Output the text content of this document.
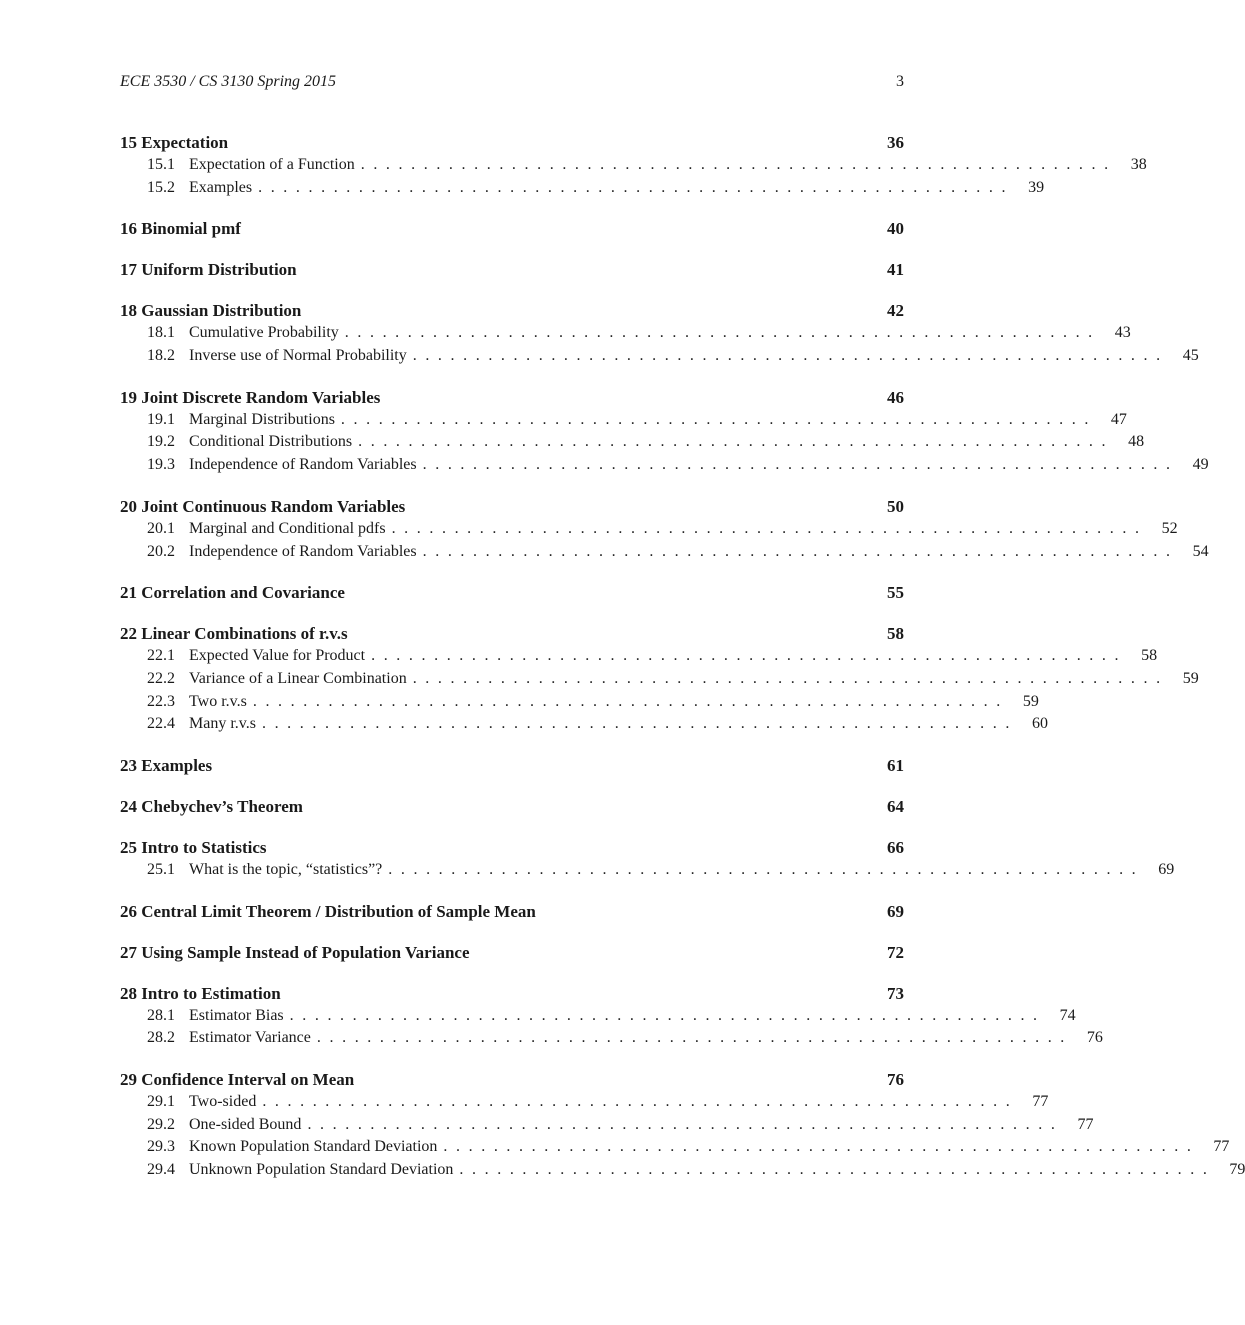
ECE 3530 / CS 3130 Spring 2015	3
15 Expectation	36
15.1 Expectation of a Function ............................................................ 38
15.2 Examples ............................................................ 39
16 Binomial pmf	40
17 Uniform Distribution	41
18 Gaussian Distribution	42
18.1 Cumulative Probability ............................................................ 43
18.2 Inverse use of Normal Probability ............................................................ 45
19 Joint Discrete Random Variables	46
19.1 Marginal Distributions ............................................................ 47
19.2 Conditional Distributions ............................................................ 48
19.3 Independence of Random Variables ............................................................ 49
20 Joint Continuous Random Variables	50
20.1 Marginal and Conditional pdfs ............................................................ 52
20.2 Independence of Random Variables ............................................................ 54
21 Correlation and Covariance	55
22 Linear Combinations of r.v.s	58
22.1 Expected Value for Product ............................................................ 58
22.2 Variance of a Linear Combination ............................................................ 59
22.3 Two r.v.s ............................................................ 59
22.4 Many r.v.s ............................................................ 60
23 Examples	61
24 Chebychev’s Theorem	64
25 Intro to Statistics	66
25.1 What is the topic, “statistics”? ............................................................ 69
26 Central Limit Theorem / Distribution of Sample Mean	69
27 Using Sample Instead of Population Variance	72
28 Intro to Estimation	73
28.1 Estimator Bias ............................................................ 74
28.2 Estimator Variance ............................................................ 76
29 Confidence Interval on Mean	76
29.1 Two-sided ............................................................ 77
29.2 One-sided Bound ............................................................ 77
29.3 Known Population Standard Deviation ............................................................ 77
29.4 Unknown Population Standard Deviation ............................................................ 79
